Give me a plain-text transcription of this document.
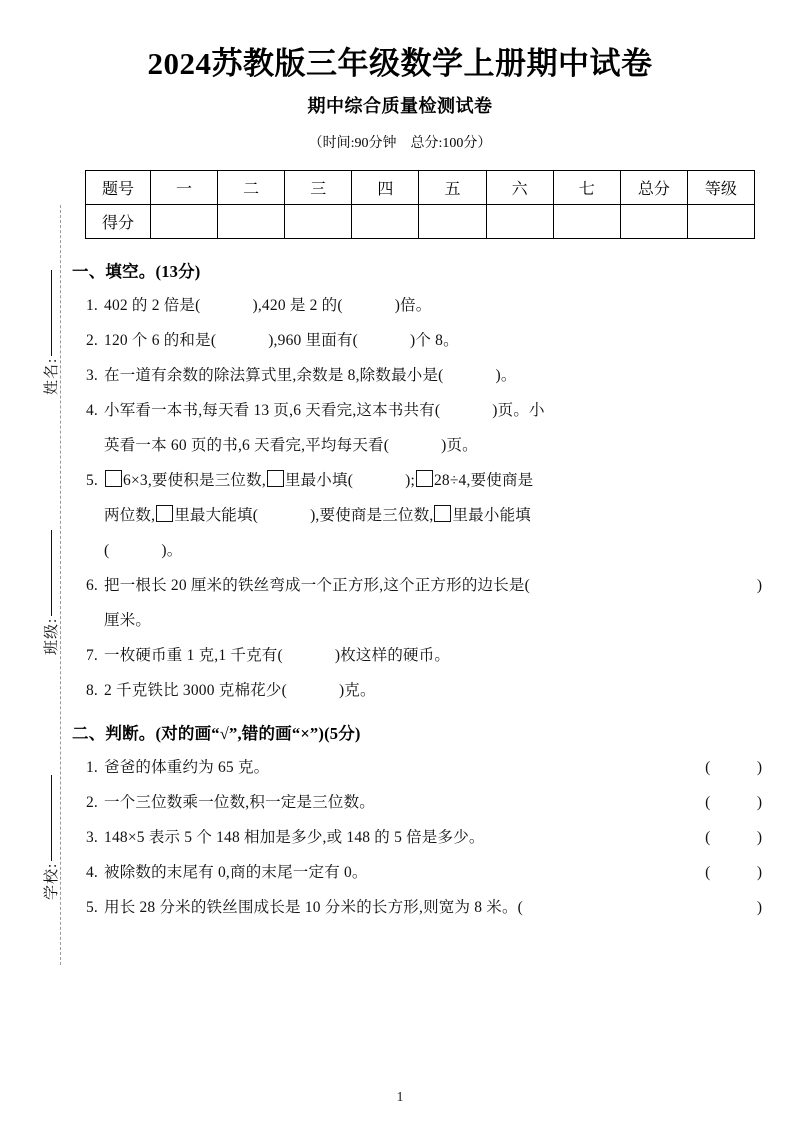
姓名:
班级:
学校:
2024苏教版三年级数学上册期中试卷
期中综合质量检测试卷
（时间:90分钟　总分:100分）
题号	一	二	三	四	五	六	七	总分	等级
得分									
一、填空。(13分)
1. 402 的 2 倍是(	),420 是 2 的(	)倍。
2. 120 个 6 的和是(	),960 里面有(	)个 8。
3. 在一道有余数的除法算式里,余数是 8,除数最小是(	)。
4. 小军看一本书,每天看 13 页,6 天看完,这本书共有(	)页。小
英看一本 60 页的书,6 天看完,平均每天看(	)页。
5.	6×3,要使积是三位数, 里最小填(	); 28÷4,要使商是
两位数, 里最大能填(	),要使商是三位数, 里最小能填
(	)。
6. 把一根长 20 厘米的铁丝弯成一个正方形,这个正方形的边长是(	)

厘米。
7. 一枚硬币重 1 克,1 千克有(	)枚这样的硬币。
8. 2 千克铁比 3000 克棉花少(	)克。
二、判断。(对的画“√”,错的画“×”)(5分)
1. 爸爸的体重约为 65 克。	(　　　)
2. 一个三位数乘一位数,积一定是三位数。	(　　　)
3. 148×5 表示 5 个 148 相加是多少,或 148 的 5 倍是多少。	(　　　)
4. 被除数的末尾有 0,商的末尾一定有 0。	(　　　)
5. 用长 28 分米的铁丝围成长是 10 分米的长方形,则宽为 8 米。(	　　　)
1
